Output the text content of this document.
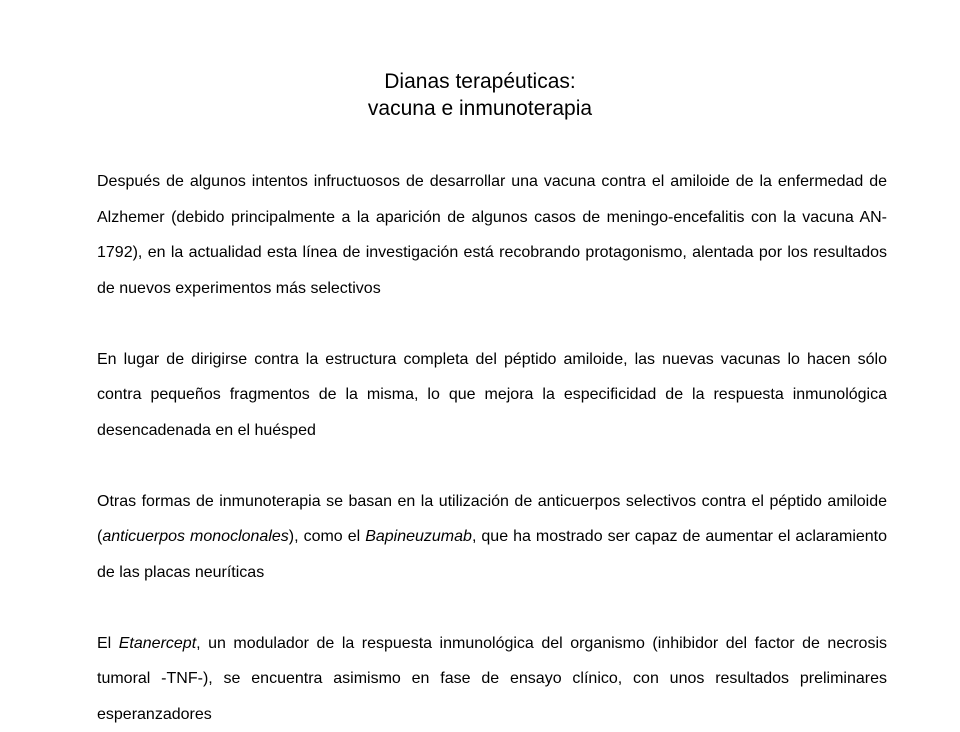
Dianas terapéuticas:
vacuna e inmunoterapia

Después de algunos intentos infructuosos de desarrollar una vacuna contra el amiloide de la enfermedad de Alzhemer (debido principalmente a la aparición de algunos casos de meningo-encefalitis con la vacuna AN-1792), en la actualidad esta línea de investigación está recobrando protagonismo, alentada por los resultados de nuevos experimentos más selectivos

En lugar de dirigirse contra la estructura completa del péptido amiloide, las nuevas vacunas lo hacen sólo contra pequeños fragmentos de la misma, lo que mejora la especificidad de la respuesta inmunológica desencadenada en el huésped

Otras formas de inmunoterapia se basan en la utilización de anticuerpos selectivos contra el péptido amiloide (anticuerpos monoclonales), como el Bapineuzumab, que ha mostrado ser capaz de aumentar el aclaramiento de las placas neuríticas

El Etanercept, un modulador de la respuesta inmunológica del organismo (inhibidor del factor de necrosis tumoral -TNF-), se encuentra asimismo en fase de ensayo clínico, con unos resultados preliminares esperanzadores
